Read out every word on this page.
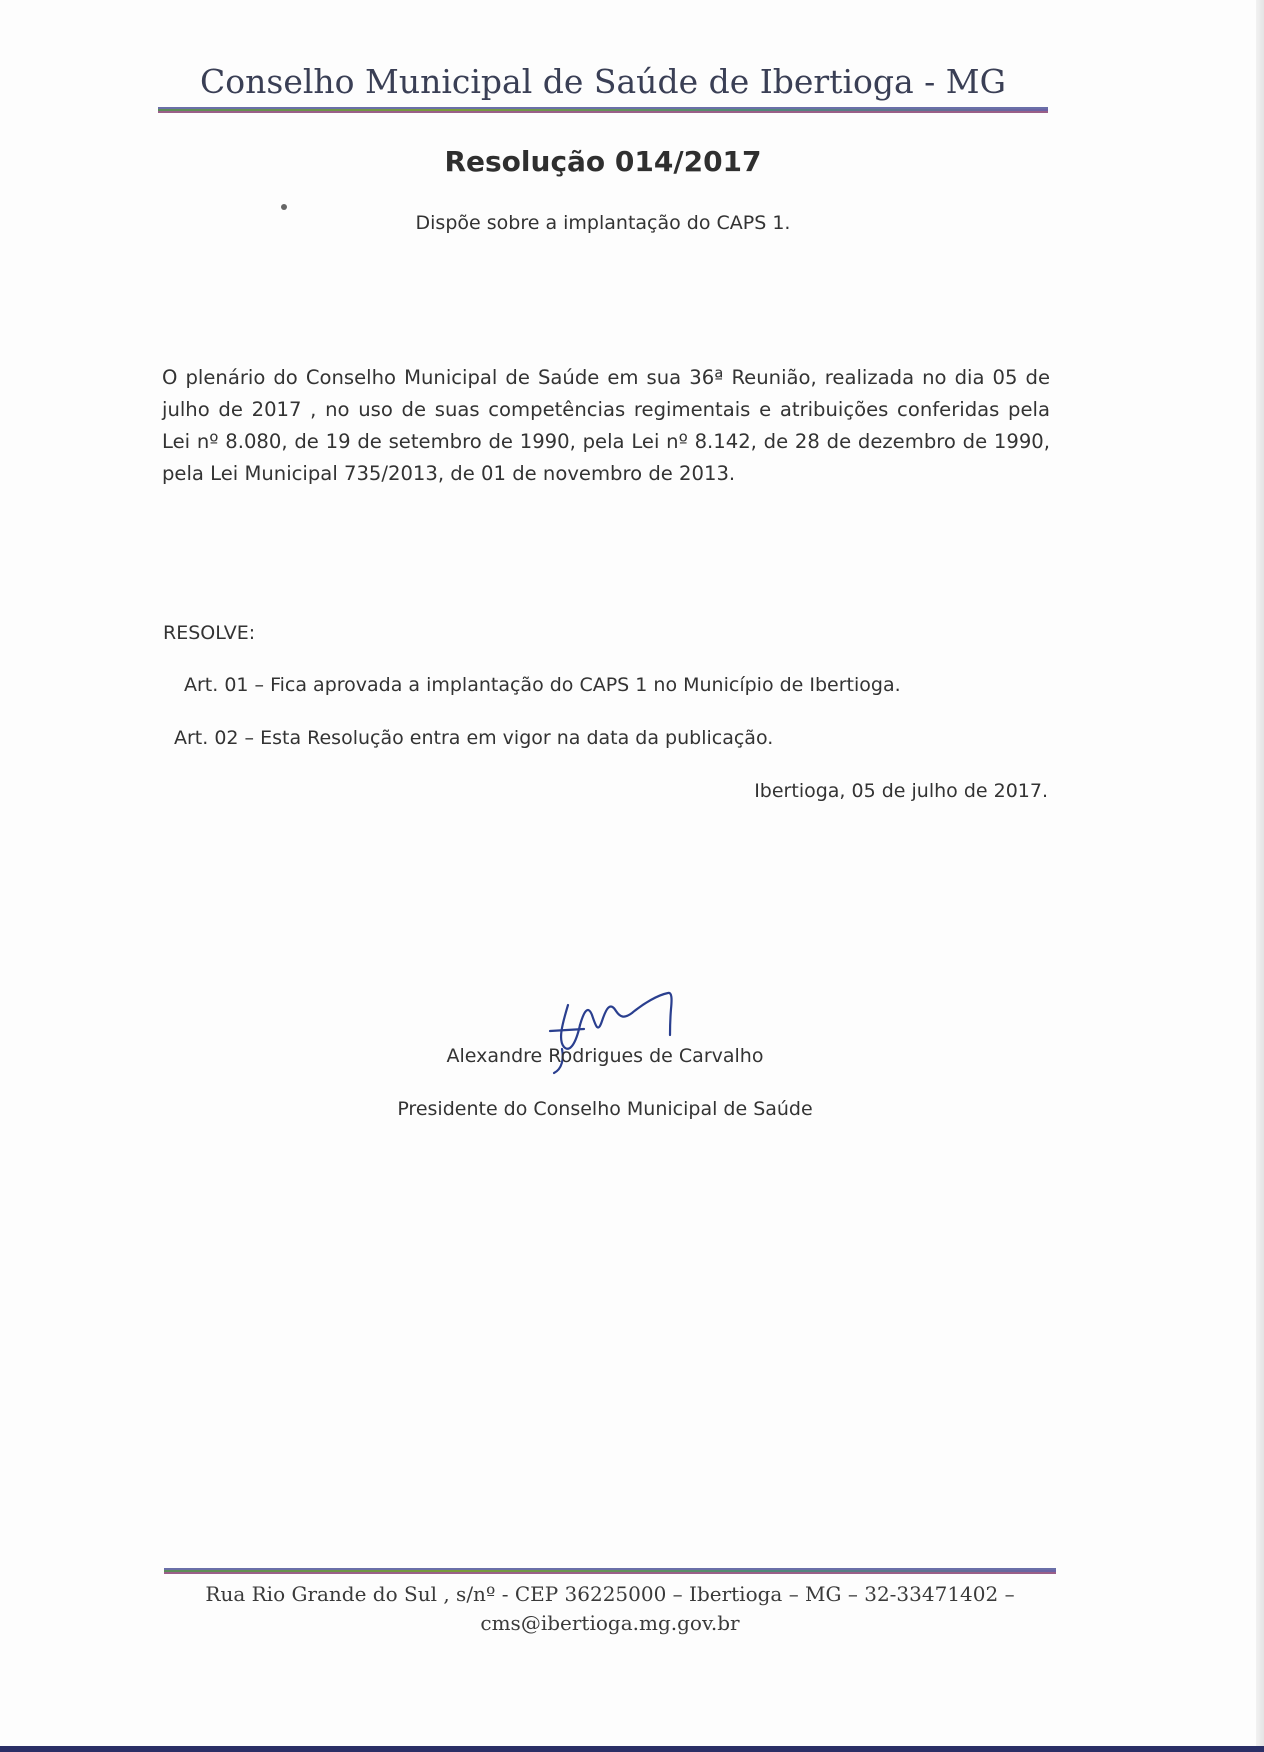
Conselho Municipal de Saúde de Ibertioga - MG
Resolução 014/2017
Dispõe sobre a implantação do CAPS 1.
O plenário do Conselho Municipal de Saúde em sua 36ª Reunião, realizada no dia 05 de julho de 2017 , no uso de suas competências regimentais e atribuições conferidas pela Lei nº 8.080, de 19 de setembro de 1990, pela Lei nº 8.142, de 28 de dezembro de 1990, pela Lei Municipal 735/2013, de 01 de novembro de 2013.
RESOLVE:
Art. 01 – Fica aprovada a implantação do CAPS 1 no Município de Ibertioga.
Art. 02 – Esta Resolução entra em vigor na data da publicação.
Ibertioga, 05 de julho de 2017.
Alexandre Rodrigues de Carvalho
Presidente do Conselho Municipal de Saúde
Rua Rio Grande do Sul , s/nº - CEP 36225000 – Ibertioga – MG – 32-33471402 –
cms@ibertioga.mg.gov.br
